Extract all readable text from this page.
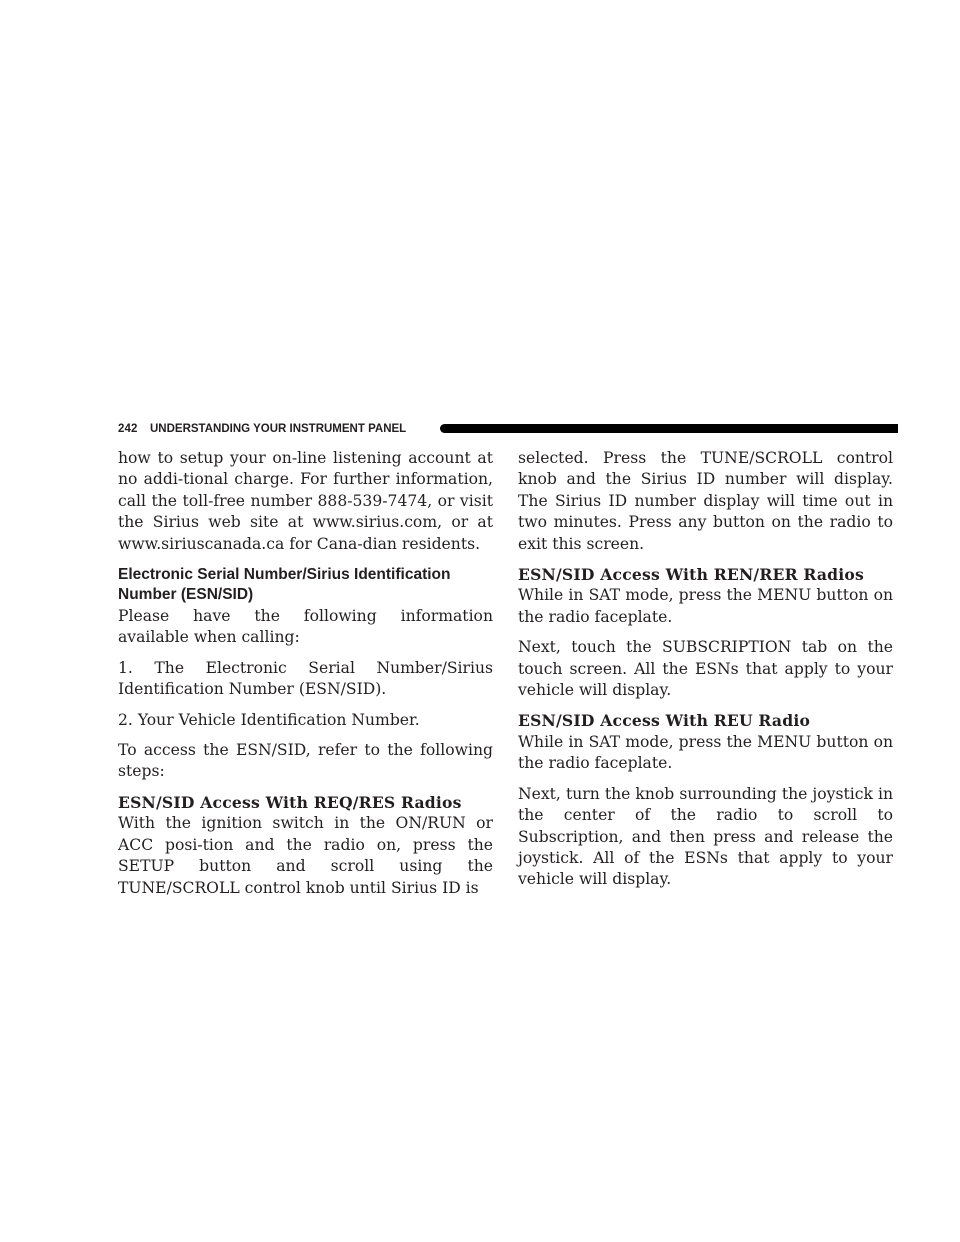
242 UNDERSTANDING YOUR INSTRUMENT PANEL

how to setup your on-line listening account at no addi-tional charge. For further information, call the toll-free number 888-539-7474, or visit the Sirius web site at www.sirius.com, or at www.siriuscanada.ca for Cana-dian residents.

Electronic Serial Number/Sirius Identification Number (ESN/SID)

Please have the following information available when calling:

1. The Electronic Serial Number/Sirius Identification Number (ESN/SID).

2. Your Vehicle Identification Number.

To access the ESN/SID, refer to the following steps:

ESN/SID Access With REQ/RES Radios
With the ignition switch in the ON/RUN or ACC posi-tion and the radio on, press the SETUP button and scroll using the TUNE/SCROLL control knob until Sirius ID is

selected. Press the TUNE/SCROLL control knob and the Sirius ID number will display. The Sirius ID number display will time out in two minutes. Press any button on the radio to exit this screen.

ESN/SID Access With REN/RER Radios
While in SAT mode, press the MENU button on the radio faceplate.

Next, touch the SUBSCRIPTION tab on the touch screen. All the ESNs that apply to your vehicle will display.

ESN/SID Access With REU Radio
While in SAT mode, press the MENU button on the radio faceplate.

Next, turn the knob surrounding the joystick in the center of the radio to scroll to Subscription, and then press and release the joystick. All of the ESNs that apply to your vehicle will display.
